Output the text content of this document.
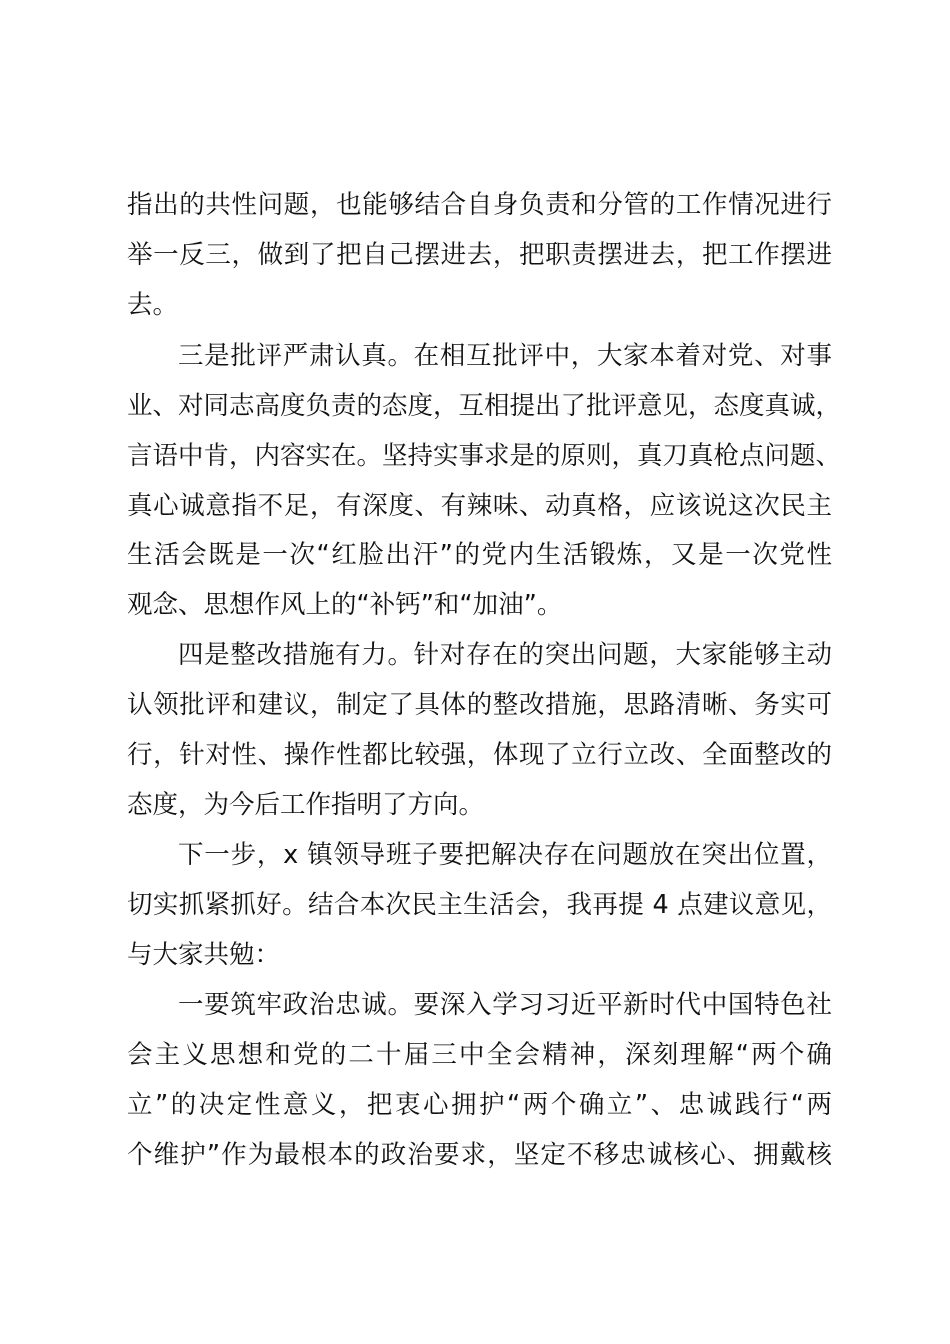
指出的共性问题，也能够结合自身负责和分管的工作情况进行
举一反三，做到了把自己摆进去，把职责摆进去，把工作摆进
去。
三是批评严肃认真。在相互批评中，大家本着对党、对事
业、对同志高度负责的态度，互相提出了批评意见，态度真诚，
言语中肯，内容实在。坚持实事求是的原则，真刀真枪点问题、
真心诚意指不足，有深度、有辣味、动真格，应该说这次民主
生活会既是一次“红脸出汗”的党内生活锻炼，又是一次党性
观念、思想作风上的“补钙”和“加油”。
四是整改措施有力。针对存在的突出问题，大家能够主动
认领批评和建议，制定了具体的整改措施，思路清晰、务实可
行，针对性、操作性都比较强，体现了立行立改、全面整改的
态度，为今后工作指明了方向。
下一步，x 镇领导班子要把解决存在问题放在突出位置，
切实抓紧抓好。结合本次民主生活会，我再提 4 点建议意见，
与大家共勉：
一要筑牢政治忠诚。要深入学习习近平新时代中国特色社
会主义思想和党的二十届三中全会精神，深刻理解“两个确
立”的决定性意义，把衷心拥护“两个确立”、忠诚践行“两
个维护”作为最根本的政治要求，坚定不移忠诚核心、拥戴核
